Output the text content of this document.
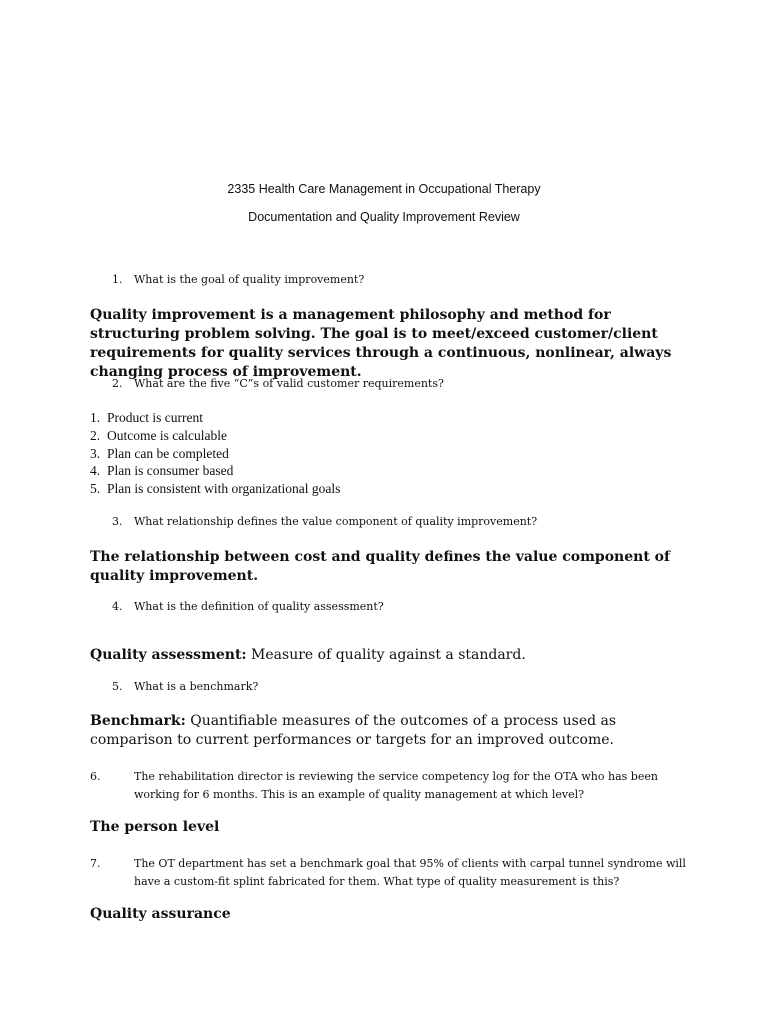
2335 Health Care Management in Occupational Therapy
Documentation and Quality Improvement Review
1. What is the goal of quality improvement?
Quality improvement is a management philosophy and method for structuring problem solving. The goal is to meet/exceed customer/client requirements for quality services through a continuous, nonlinear, always changing process of improvement.
2. What are the five “C”s of valid customer requirements?
1. Product is current
2. Outcome is calculable
3. Plan can be completed
4. Plan is consumer based
5. Plan is consistent with organizational goals
3. What relationship defines the value component of quality improvement?
The relationship between cost and quality defines the value component of quality improvement.
4. What is the definition of quality assessment?
Quality assessment: Measure of quality against a standard.
5. What is a benchmark?
Benchmark: Quantifiable measures of the outcomes of a process used as comparison to current performances or targets for an improved outcome.
6.	The rehabilitation director is reviewing the service competency log for the OTA who has been working for 6 months. This is an example of quality management at which level?
The person level
7.	The OT department has set a benchmark goal that 95% of clients with carpal tunnel syndrome will have a custom-fit splint fabricated for them. What type of quality measurement is this?
Quality assurance
